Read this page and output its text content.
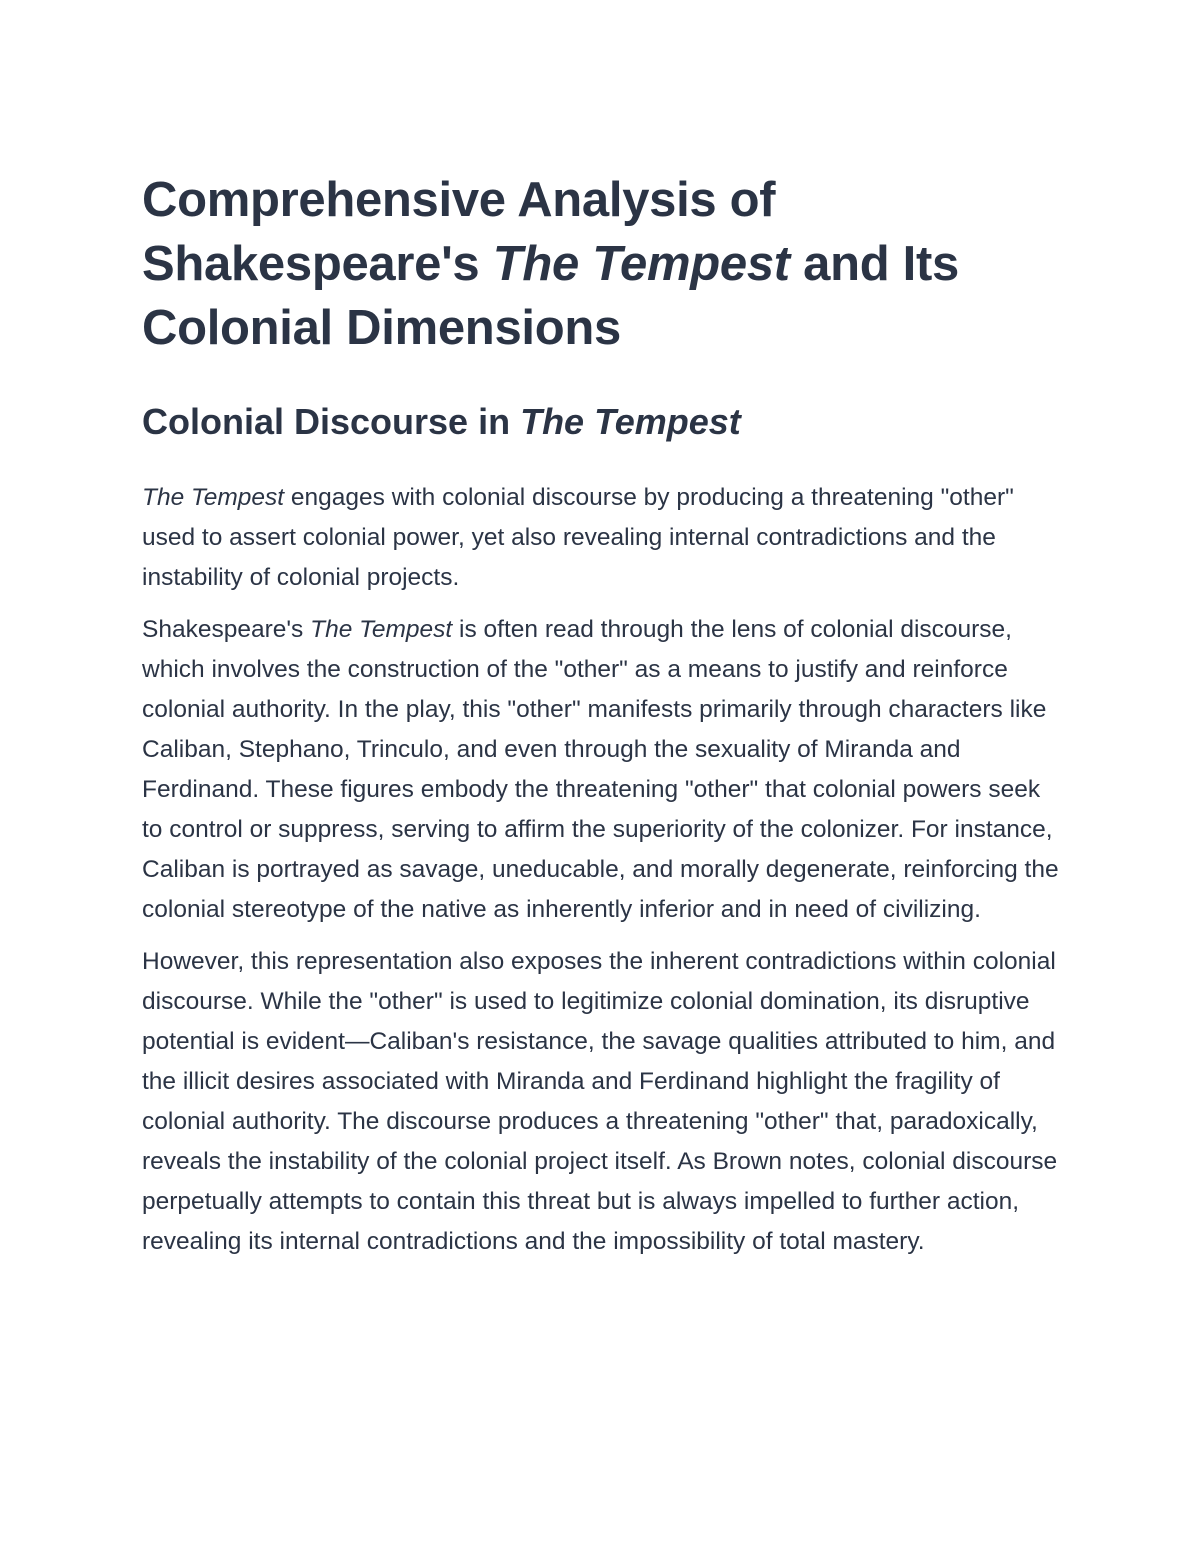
Comprehensive Analysis of Shakespeare's The Tempest and Its Colonial Dimensions
Colonial Discourse in The Tempest

The Tempest engages with colonial discourse by producing a threatening "other" used to assert colonial power, yet also revealing internal contradictions and the instability of colonial projects.

Shakespeare's The Tempest is often read through the lens of colonial discourse, which involves the construction of the "other" as a means to justify and reinforce colonial authority. In the play, this "other" manifests primarily through characters like Caliban, Stephano, Trinculo, and even through the sexuality of Miranda and Ferdinand. These figures embody the threatening "other" that colonial powers seek to control or suppress, serving to affirm the superiority of the colonizer. For instance, Caliban is portrayed as savage, uneducable, and morally degenerate, reinforcing the colonial stereotype of the native as inherently inferior and in need of civilizing.

However, this representation also exposes the inherent contradictions within colonial discourse. While the "other" is used to legitimize colonial domination, its disruptive potential is evident—Caliban's resistance, the savage qualities attributed to him, and the illicit desires associated with Miranda and Ferdinand highlight the fragility of colonial authority. The discourse produces a threatening "other" that, paradoxically, reveals the instability of the colonial project itself. As Brown notes, colonial discourse perpetually attempts to contain this threat but is always impelled to further action, revealing its internal contradictions and the impossibility of total mastery.
